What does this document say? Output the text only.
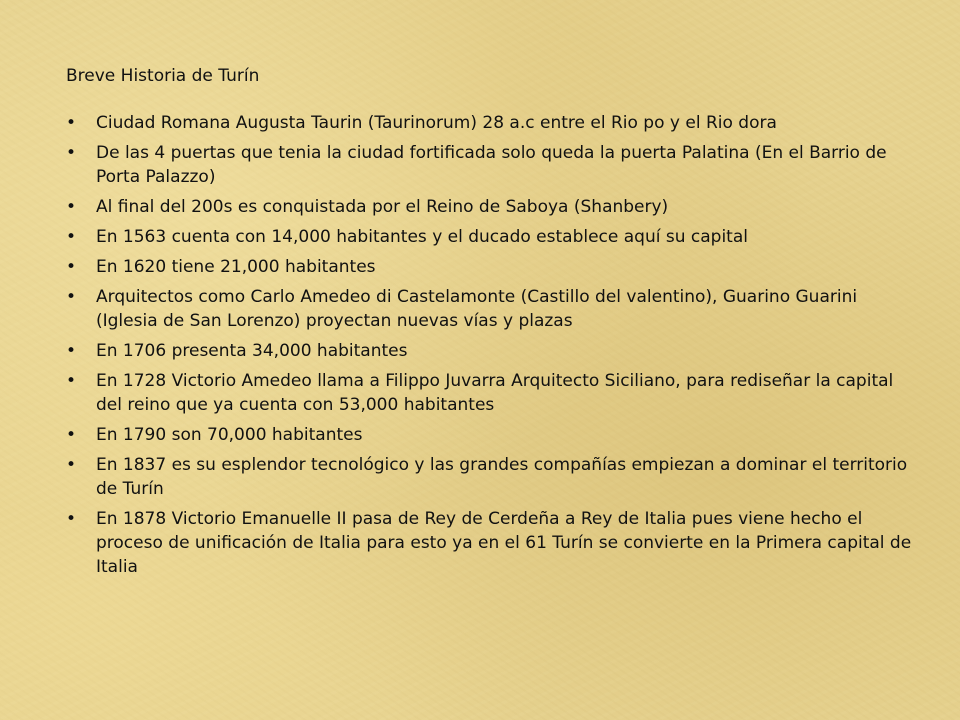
Breve Historia de Turín
• Ciudad Romana Augusta Taurin (Taurinorum) 28 a.c entre el Rio po y el Rio dora
• De las 4 puertas que tenia la ciudad fortificada solo queda la puerta Palatina (En el Barrio de Porta Palazzo)
• Al final del 200s es conquistada por el Reino de Saboya (Shanbery)
• En 1563 cuenta con 14,000 habitantes y el ducado establece aquí su capital
• En 1620 tiene 21,000 habitantes
• Arquitectos como Carlo Amedeo di Castelamonte (Castillo del valentino), Guarino Guarini (Iglesia de San Lorenzo) proyectan nuevas vías y plazas
• En 1706 presenta 34,000 habitantes
• En 1728 Victorio Amedeo llama a Filippo Juvarra Arquitecto Siciliano, para rediseñar la capital del reino que ya cuenta con 53,000 habitantes
• En 1790 son 70,000 habitantes
• En 1837 es su esplendor tecnológico y las grandes compañías empiezan a dominar el territorio de Turín
• En 1878 Victorio Emanuelle II pasa de Rey de Cerdeña a Rey de Italia pues viene hecho el proceso de unificación de Italia para esto ya en el 61 Turín se convierte en la Primera capital de Italia
